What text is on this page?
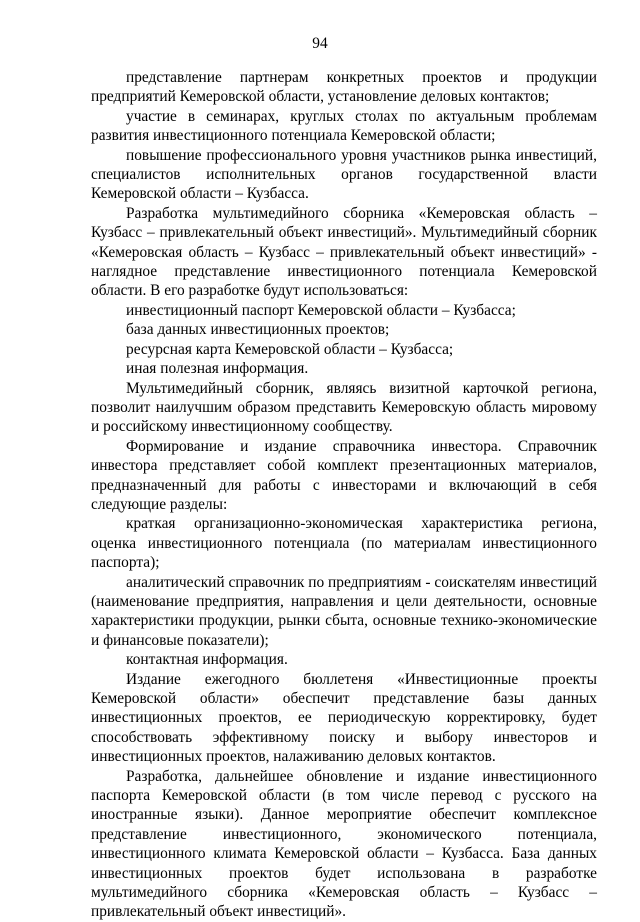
94

представление партнерам конкретных проектов и продукции предприятий Кемеровской области, установление деловых контактов;

участие в семинарах, круглых столах по актуальным проблемам развития инвестиционного потенциала Кемеровской области;

повышение профессионального уровня участников рынка инвестиций, специалистов исполнительных органов государственной власти Кемеровской области – Кузбасса.

Разработка мультимедийного сборника «Кемеровская область – Кузбасс – привлекательный объект инвестиций». Мультимедийный сборник «Кемеровская область – Кузбасс – привлекательный объект инвестиций» - наглядное представление инвестиционного потенциала Кемеровской области. В его разработке будут использоваться:

инвестиционный паспорт Кемеровской области – Кузбасса;

база данных инвестиционных проектов;

ресурсная карта Кемеровской области – Кузбасса;

иная полезная информация.

Мультимедийный сборник, являясь визитной карточкой региона, позволит наилучшим образом представить Кемеровскую область мировому и российскому инвестиционному сообществу.

Формирование и издание справочника инвестора. Справочник инвестора представляет собой комплект презентационных материалов, предназначенный для работы с инвесторами и включающий в себя следующие разделы:

краткая организационно-экономическая характеристика региона, оценка инвестиционного потенциала (по материалам инвестиционного паспорта);

аналитический справочник по предприятиям - соискателям инвестиций (наименование предприятия, направления и цели деятельности, основные характеристики продукции, рынки сбыта, основные технико-экономические и финансовые показатели);

контактная информация.

Издание ежегодного бюллетеня «Инвестиционные проекты Кемеровской области» обеспечит представление базы данных инвестиционных проектов, ее периодическую корректировку, будет способствовать эффективному поиску и выбору инвесторов и инвестиционных проектов, налаживанию деловых контактов.

Разработка, дальнейшее обновление и издание инвестиционного паспорта Кемеровской области (в том числе перевод с русского на иностранные языки). Данное мероприятие обеспечит комплексное представление инвестиционного, экономического потенциала, инвестиционного климата Кемеровской области – Кузбасса. База данных инвестиционных проектов будет использована в разработке мультимедийного сборника «Кемеровская область – Кузбасс – привлекательный объект инвестиций».
